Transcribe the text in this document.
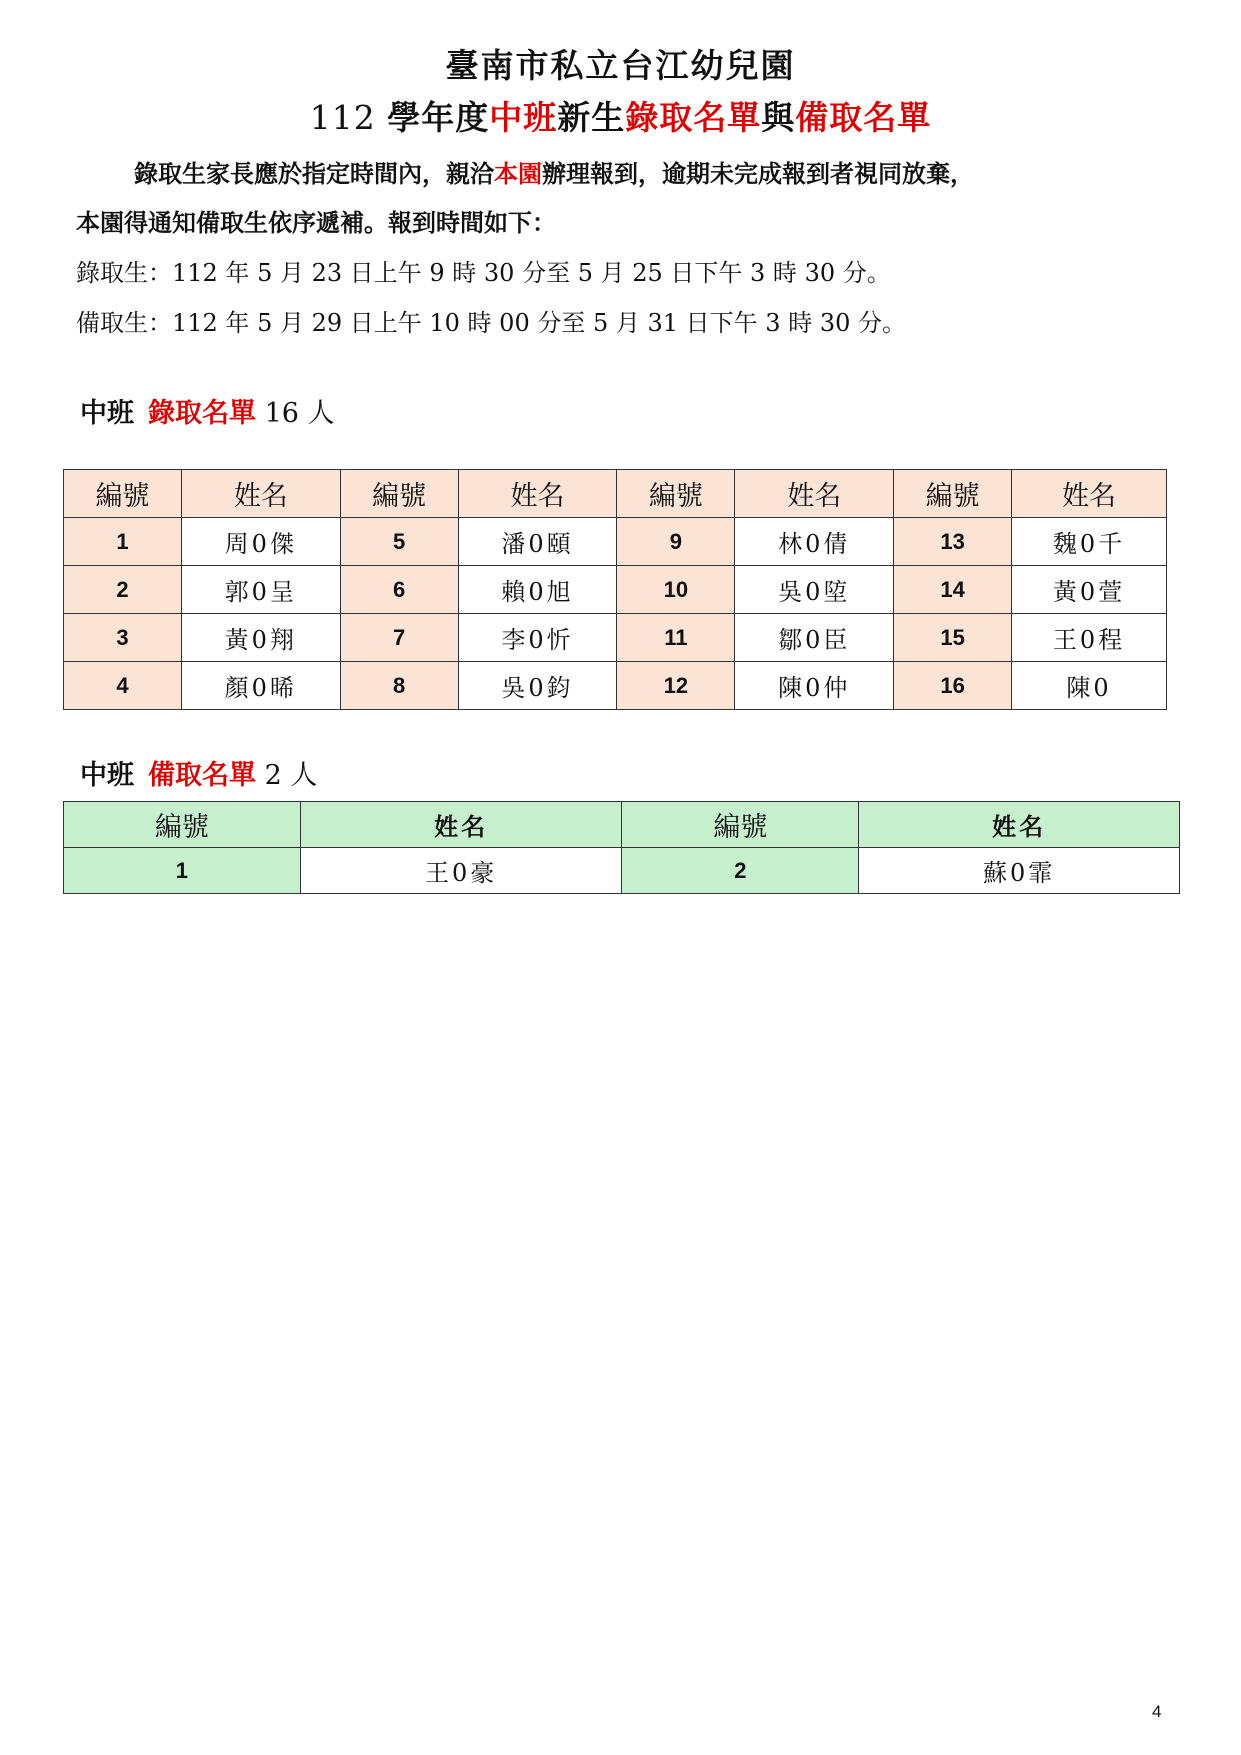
臺南市私立台江幼兒園
112 學年度中班新生錄取名單與備取名單
錄取生家長應於指定時間內，親洽本園辦理報到，逾期未完成報到者視同放棄，
本園得通知備取生依序遞補。報到時間如下：
錄取生：112 年 5 月 23 日上午 9 時 30 分至 5 月 25 日下午 3 時 30 分。
備取生：112 年 5 月 29 日上午 10 時 00 分至 5 月 31 日下午 3 時 30 分。
中班 錄取名單 16 人
編號	姓名	編號	姓名	編號	姓名	編號	姓名
1	周0傑	5	潘0頤	9	林0倩	13	魏0千
2	郭0呈	6	賴0旭	10	吳0埅	14	黃0萱
3	黃0翔	7	李0忻	11	鄒0臣	15	王0程
4	顏0晞	8	吳0鈞	12	陳0仲	16	陳0
中班 備取名單 2 人
編號	姓名	編號	姓名
1	王0豪	2	蘇0霏
4
